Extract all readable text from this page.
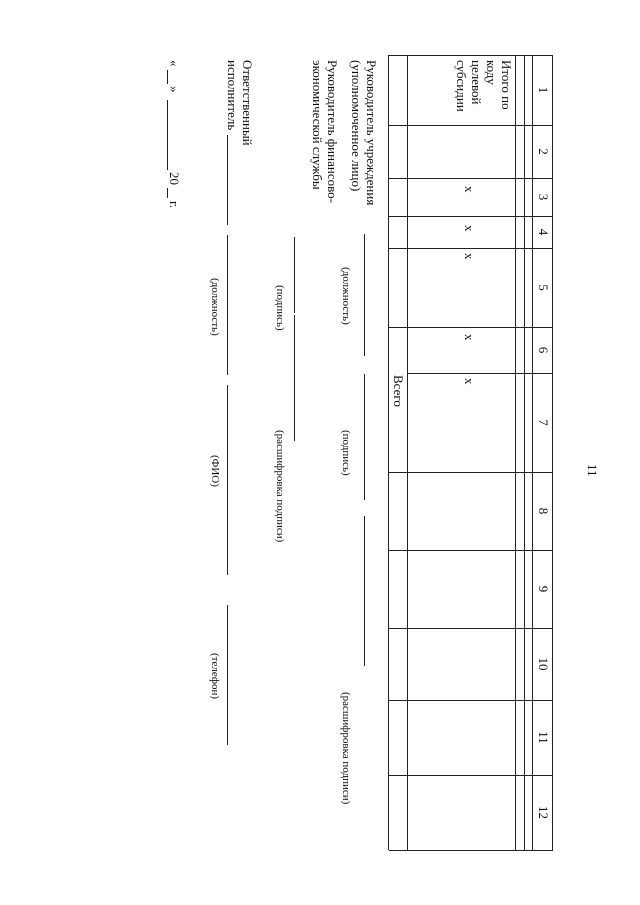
11
1
2
3
4
5
6
7
8
9
10
11
12
Итого по
коду
целевой
субсидии
х
х
х
х
х
Всего
Руководитель учреждения
(уполномоченное лицо)
(должность)
(подпись)
(расшифровка подписи)
Руководитель финансово-
экономической службы
(подпись)
(расшифровка подписи)
Ответственный
исполнитель
(должность)
(ФИО)
(телефон)
«
»
20
г.
